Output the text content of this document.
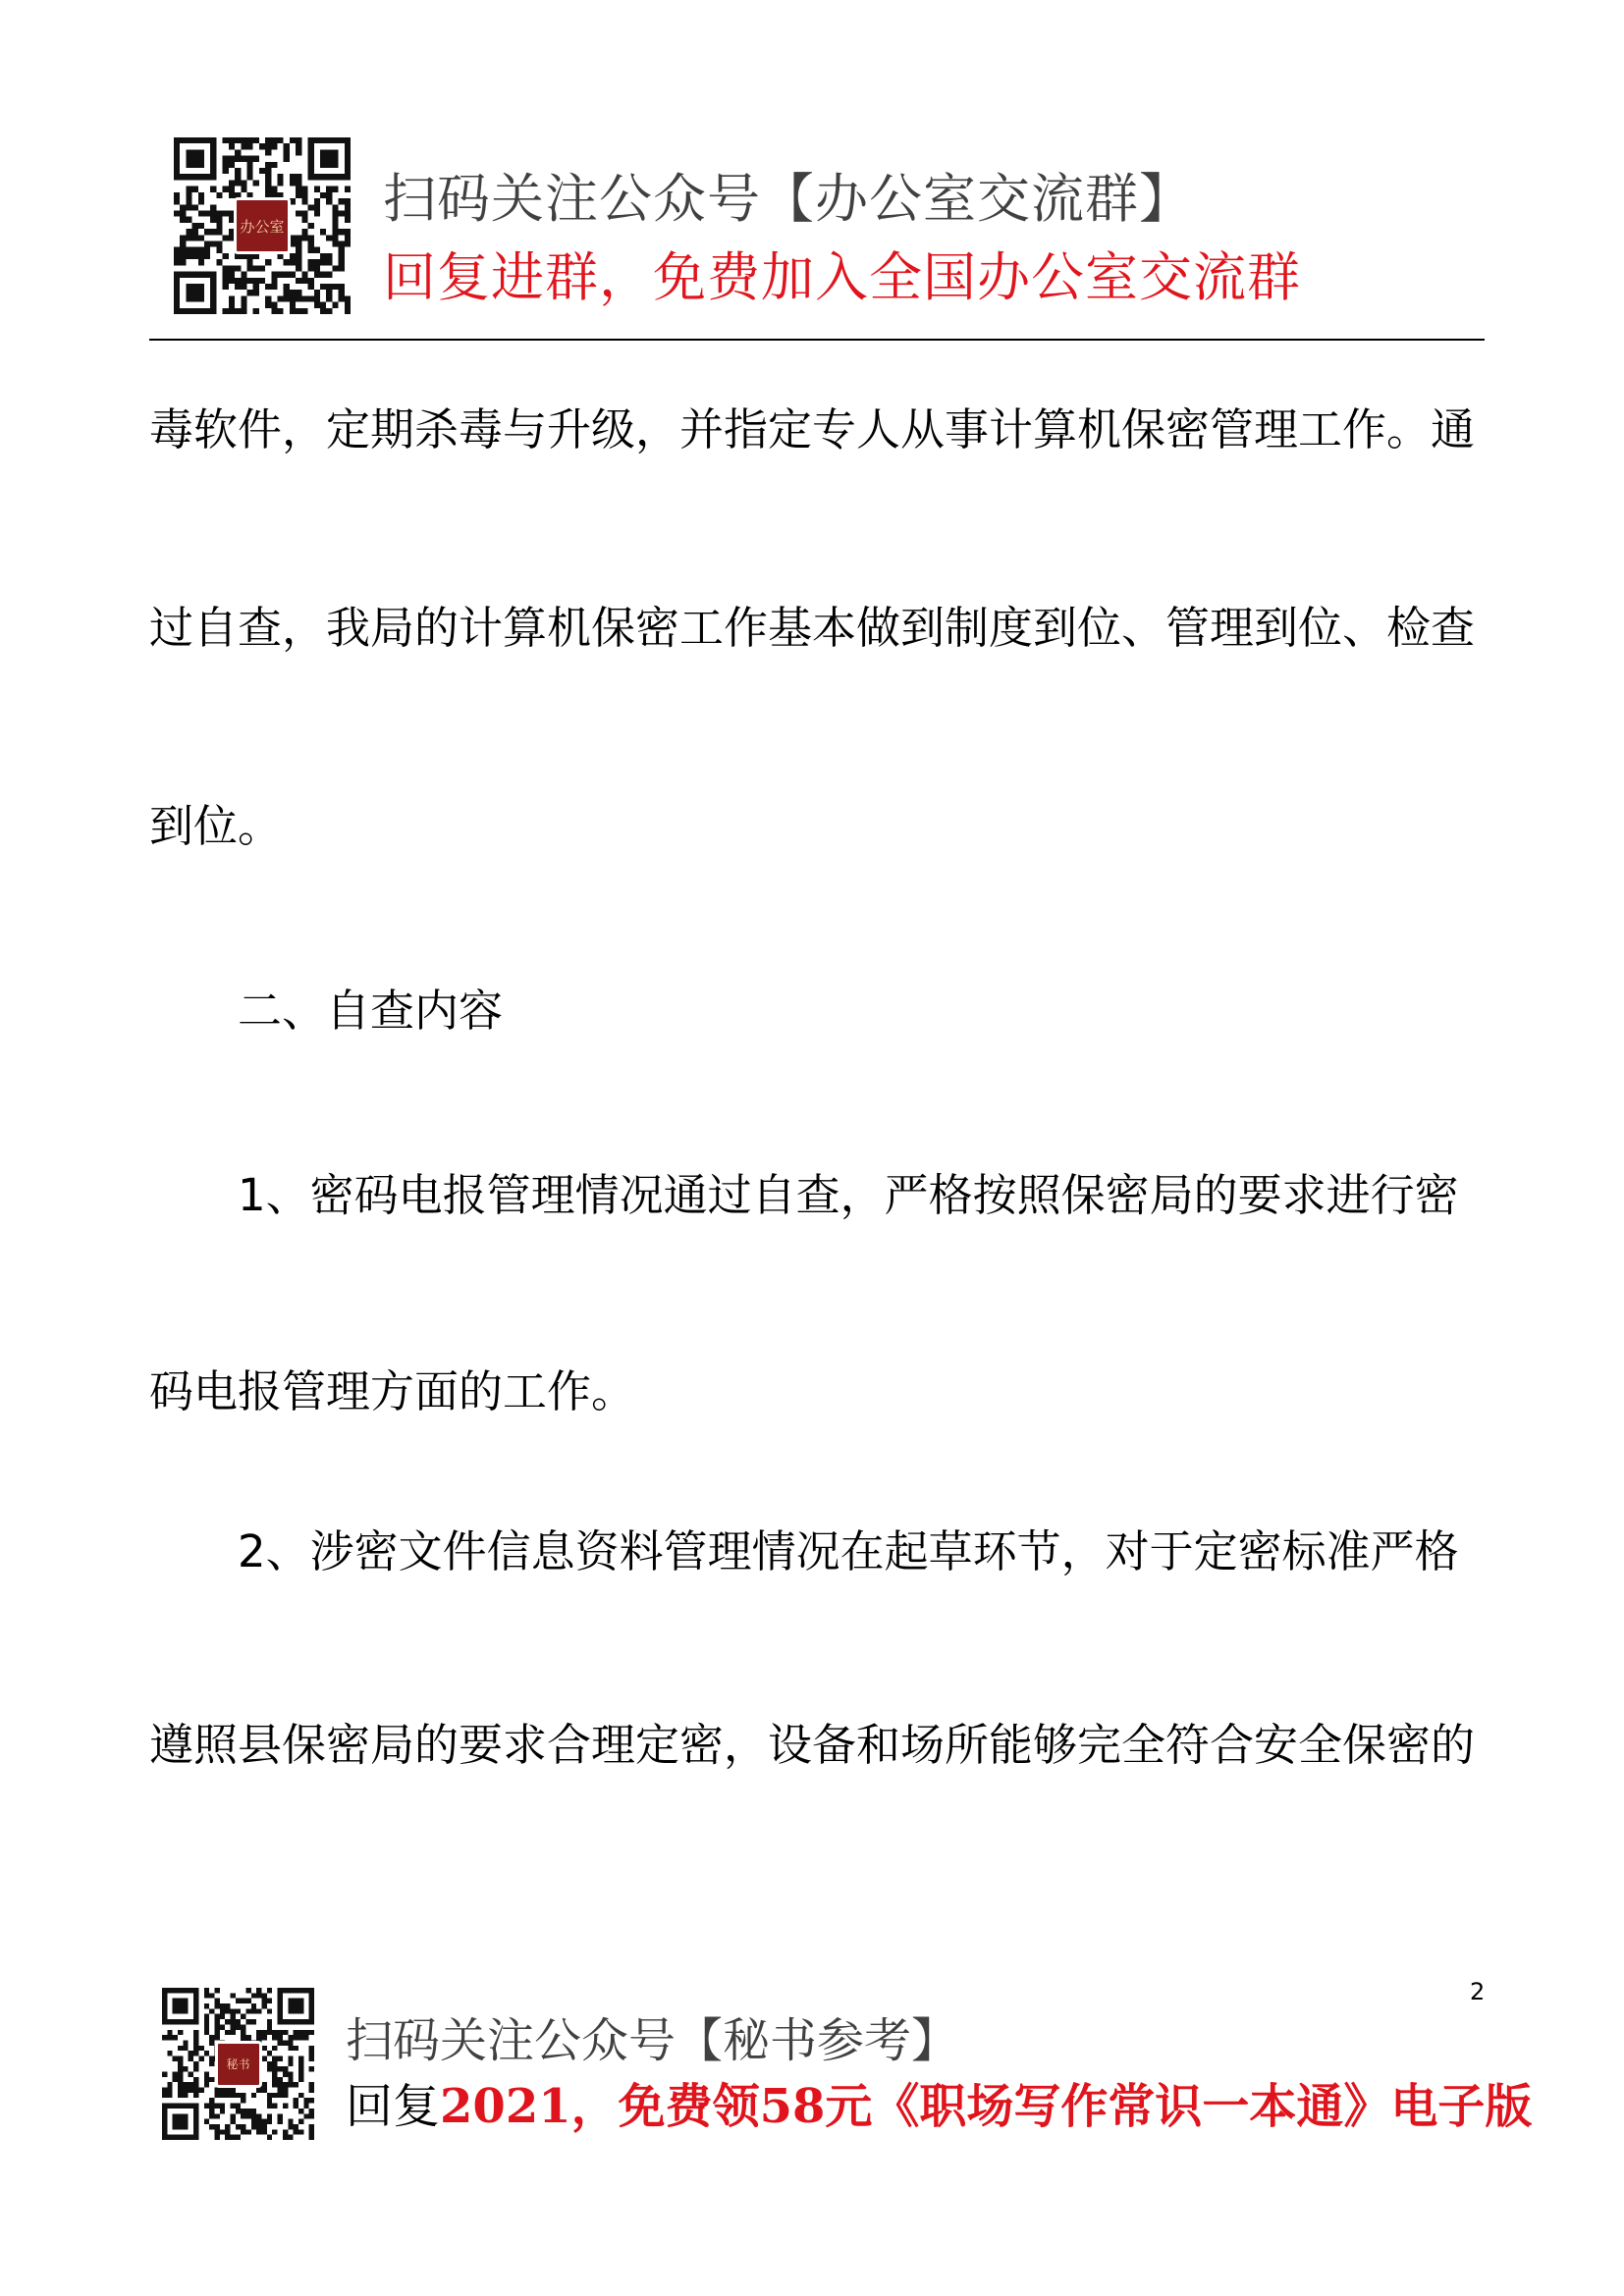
办公室 扫码关注公众号【办公室交流群】
回复进群，免费加入全国办公室交流群
毒软件，定期杀毒与升级，并指定专人从事计算机保密管理工作。通
过自查，我局的计算机保密工作基本做到制度到位、管理到位、检查
到位。
二、自查内容
1、密码电报管理情况通过自查，严格按照保密局的要求进行密
码电报管理方面的工作。
2、涉密文件信息资料管理情况在起草环节，对于定密标准严格
遵照县保密局的要求合理定密，设备和场所能够完全符合安全保密的
2
秘书 扫码关注公众号【秘书参考】
回复2021，免费领58元《职场写作常识一本通》电子版
